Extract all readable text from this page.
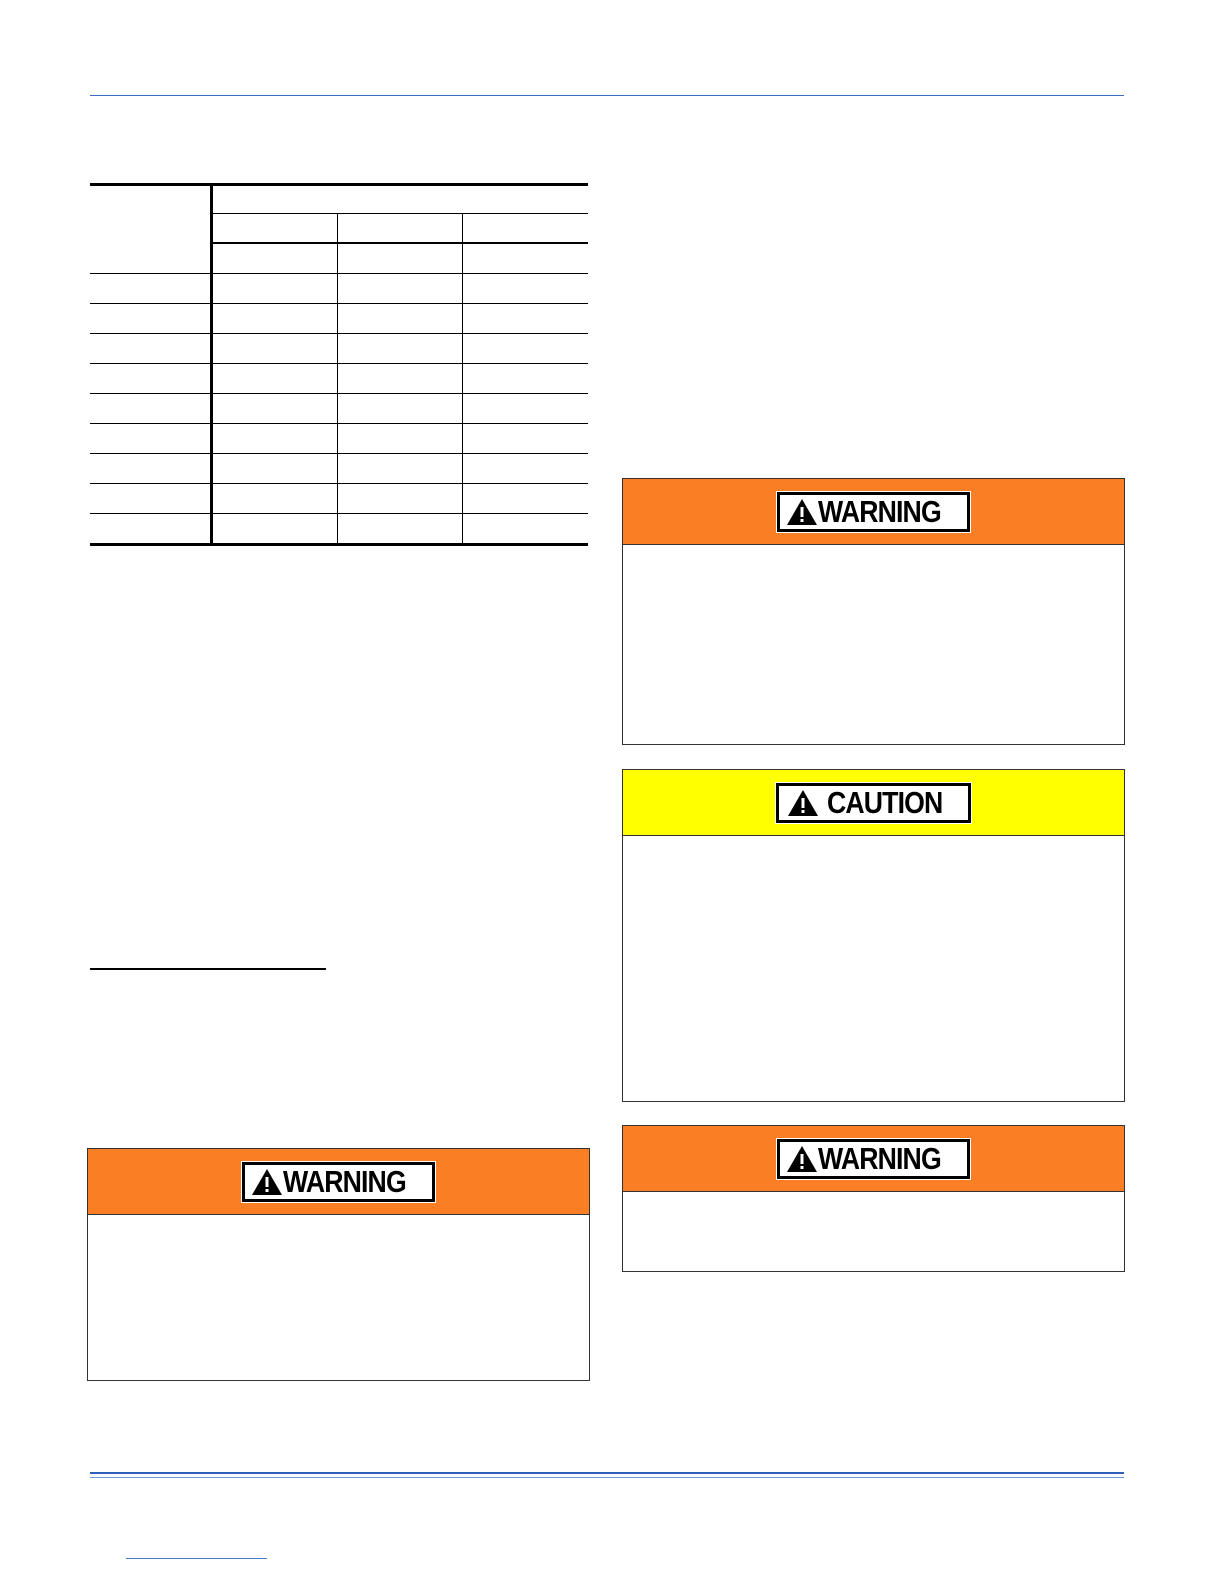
WARNING
CAUTION
WARNING
WARNING
